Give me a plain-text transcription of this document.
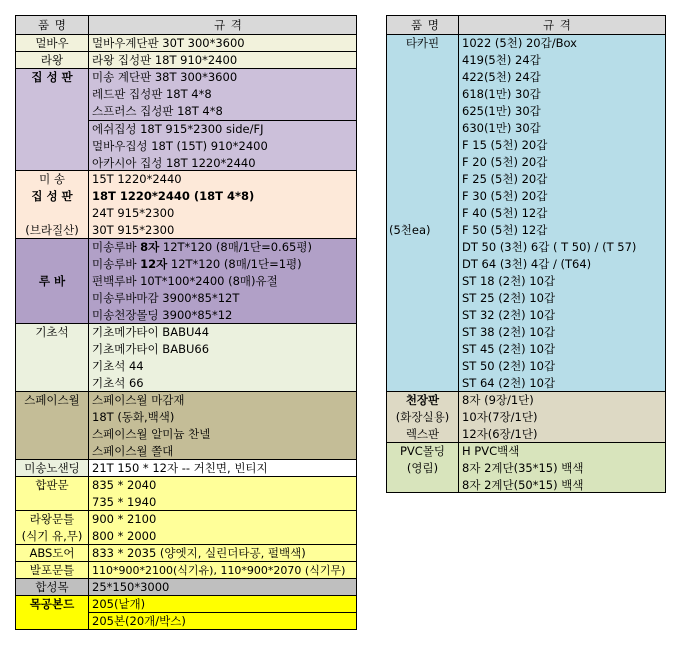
품 명	규 격
멀바우
라왕
집 성 판
미 송
집 성 판
(브라질산)
루 바
기초석
스페이스월
미송노샌딩
합판문
라왕문틀
(식기 유,무)
ABS도어
발포문틀
합성목
목공본드
멀바우계단판 30T 300*3600
라왕 집성판 18T 910*2400
미송 계단판 38T 300*3600
레드판 집성판 18T 4*8
스프러스 집성판 18T 4*8
에쉬집성 18T 915*2300 side/FJ
멀바우집성 18T (15T) 910*2400
아카시아 집성 18T 1220*2440
15T 1220*2440
18T 1220*2440 (18T 4*8)
24T 915*2300
30T 915*2300
미송루바 8자 12T*120 (8매/1단=0.65평)
미송루바 12자 12T*120 (8매/1단=1평)
편백루바 10T*100*2400 (8매)유절
미송루바마감 3900*85*12T
미송천장몰딩 3900*85*12
기초메가타이 BABU44
기초메가타이 BABU66
기초석 44
기초석 66
스페이스월 마감재
18T (동화,백색)
스페이스월 알미늄 찬넬
스페이스월 쫄대
21T 150 * 12자 -- 거친면, 빈티지
835 * 2040
735 * 1940
900 * 2100
800 * 2000
833 * 2035 (양엣지, 실린더타공, 펄백색)
110*900*2100(식기유), 110*900*2070 (식기무)
25*150*3000
205(낱개)
205본(20개/박스)
품 명	규 격
타카핀
(5천ea)
천장판
(화장실용)
렉스판
PVC몰딩
(영림)
1022 (5천) 20갑/Box
419(5천) 24갑
422(5천) 24갑
618(1만) 30갑
625(1만) 30갑
630(1만) 30갑
F 15 (5천) 20갑
F 20 (5천) 20갑
F 25 (5천) 20갑
F 30 (5천) 20갑
F 40 (5천) 12갑
F 50 (5천) 12갑
DT 50 (3천) 6갑 ( T 50) / (T 57)
DT 64 (3천) 4갑 / (T64)
ST 18 (2천) 10갑
ST 25 (2천) 10갑
ST 32 (2천) 10갑
ST 38 (2천) 10갑
ST 45 (2천) 10갑
ST 50 (2천) 10갑
ST 64 (2천) 10갑
8자 (9장/1단)
10자(7장/1단)
12자(6장/1단)
H PVC백색
8자 2계단(35*15) 백색
8자 2계단(50*15) 백색
